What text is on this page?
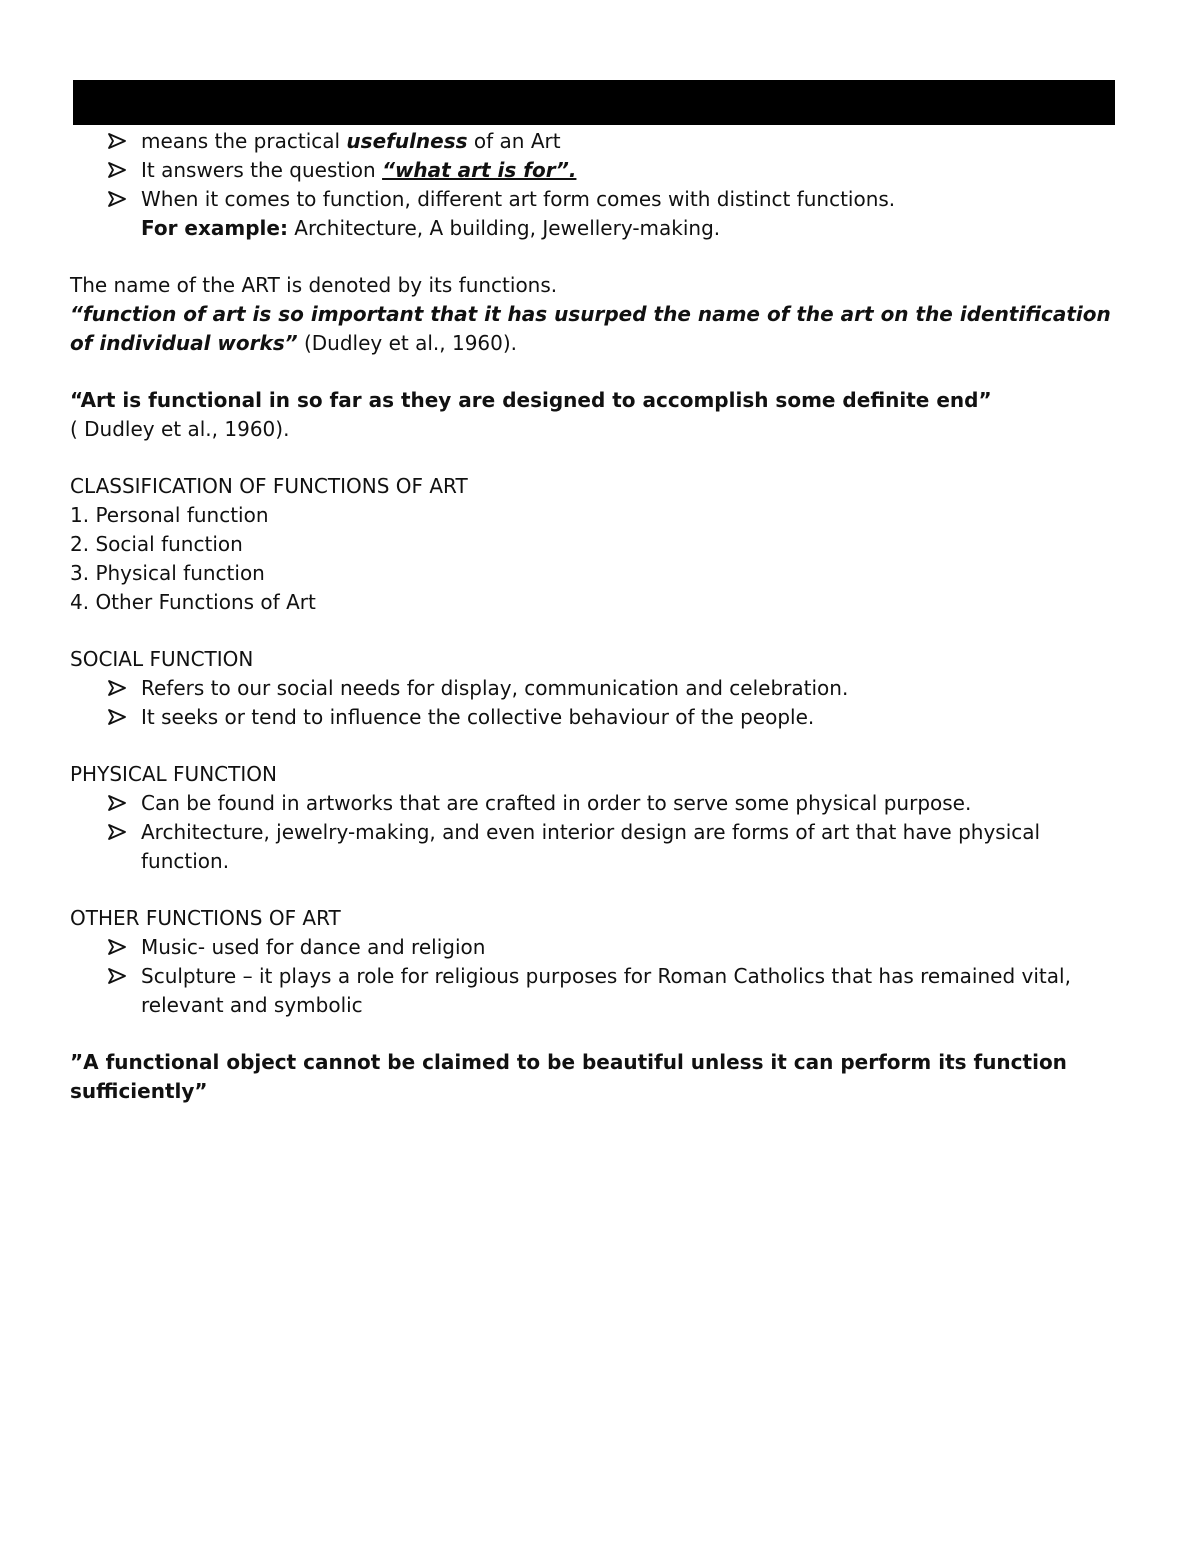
means the practical usefulness of an Art
It answers the question “what art is for”.
When it comes to function, different art form comes with distinct functions.

For example: Architecture, A building, Jewellery-making.

The name of the ART is denoted by its functions.

“function of art is so important that it has usurped the name of the art on the identification of individual works” (Dudley et al., 1960).

“Art is functional in so far as they are designed to accomplish some definite end”

( Dudley et al., 1960).

CLASSIFICATION OF FUNCTIONS OF ART

1. Personal function
2. Social function
3. Physical function
4. Other Functions of Art

SOCIAL FUNCTION

Refers to our social needs for display, communication and celebration.
It seeks or tend to influence the collective behaviour of the people.

PHYSICAL FUNCTION

Can be found in artworks that are crafted in order to serve some physical purpose.
Architecture, jewelry-making, and even interior design are forms of art that have physical function.

OTHER FUNCTIONS OF ART

Music- used for dance and religion
Sculpture – it plays a role for religious purposes for Roman Catholics that has remained vital, relevant and symbolic

”A functional object cannot be claimed to be beautiful unless it can perform its function sufficiently”
